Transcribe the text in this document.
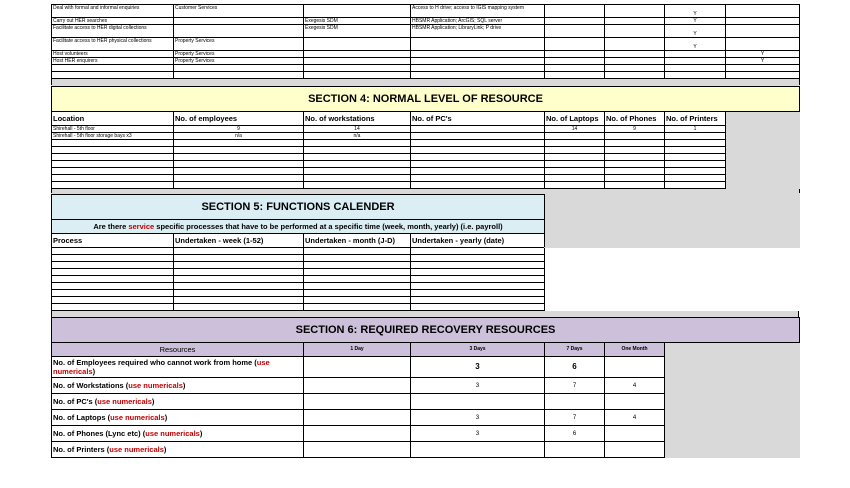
Deal with formal and informal enquiries	Customer Services		Access to H drive; access to IGIS mapping system			Y	
Carry out HER searches		Exegesis SDM	HBSMR Application; ArcGIS; SQL server			Y	
Facilitate access to HER digital collections		Exegesis SDM	HBSMR Application; LibraryLink; P drive			Y	
Facilitate access to HER physical collections	Property Services					Y	
Host volunteers	Property Services						Y
Host HER enquirers	Property Services						Y

SECTION 4: NORMAL LEVEL OF RESOURCE							
Location	No. of employees	No. of workstations	No. of PC's	No. of Laptops	No. of Phones	No. of Printers	
Shirehall - 5th floor	9	14		14	9	1	
Shirehall - 5th floor storage bays x3	n/a	n/a					

SECTION 5: FUNCTIONS CALENDER				
Are there service specific processes that have to be performed at a specific time (week, month, yearly) (i.e. payroll)				
Process	Undertaken - week (1-52)	Undertaken - month (J-D)	Undertaken - yearly (date)	

SECTION 6: REQUIRED RECOVERY RESOURCES					
Resources	1 Day	3 Days	7 Days	One Month	
No. of Employees required who cannot work from home (use numericals)		3	6		
No. of Workstations (use numericals)		3	7	4	
No. of PC's (use numericals)					
No. of Laptops (use numericals)		3	7	4	
No. of Phones (Lync etc) (use numericals)		3	6		
No. of Printers (use numericals)					
